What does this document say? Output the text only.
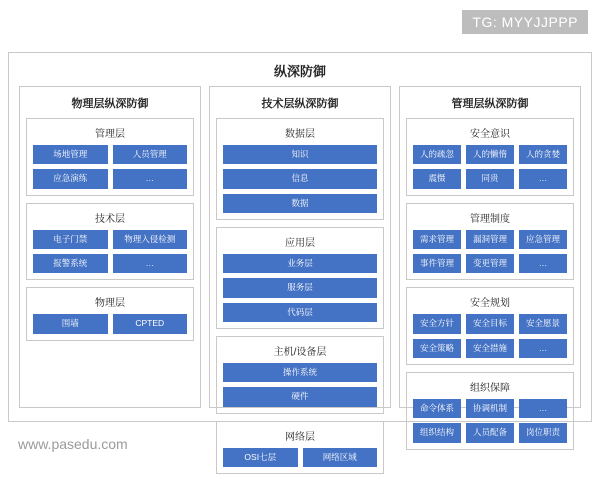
TG: MYYJJPPP
纵深防御
物理层纵深防御
管理层
场地管理	人员管理
应急演练	…
技术层
电子门禁	物理入侵检测
报警系统	…
物理层
围墙	CPTED
技术层纵深防御
数据层
知识
信息
数据
应用层
业务层
服务层
代码层
主机/设备层
操作系统
硬件
网络层
OSI七层	网络区域
管理层纵深防御
安全意识
人的疏忽	人的懒惰	人的贪婪
震慑	同贵	…
管理制度
需求管理	漏洞管理	应急管理
事件管理	变更管理	…
安全规划
安全方针	安全目标	安全愿景
安全策略	安全措施	…
组织保障
命令体系	协调机制	…
组织结构	人员配备	岗位职责
www.pasedu.com
